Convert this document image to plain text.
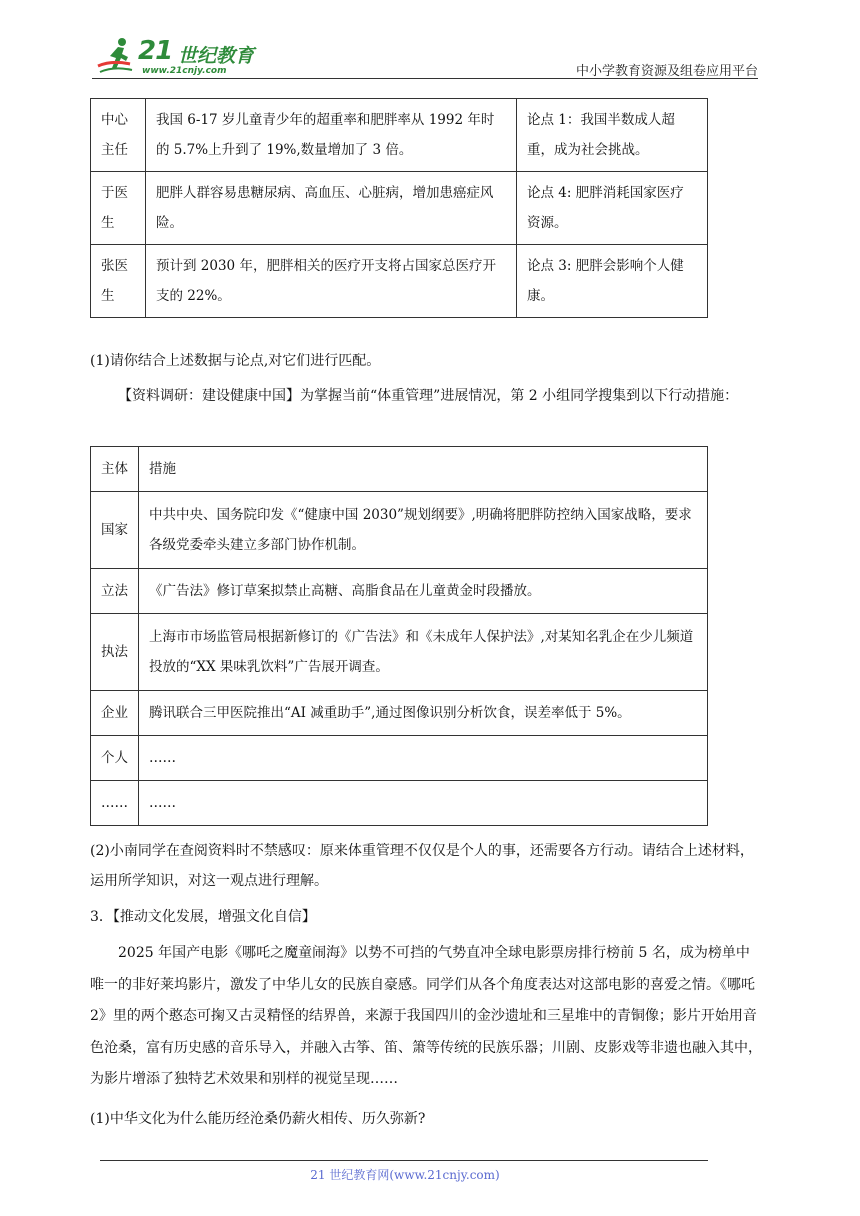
21 世纪教育
www.21cnjy.com	中小学教育资源及组卷应用平台
中心主任	我国 6-17 岁儿童青少年的超重率和肥胖率从 1992 年时的 5.7%上升到了 19%,数量增加了 3 倍。	论点 1：我国半数成人超重，成为社会挑战。
于医生	肥胖人群容易患糖尿病、高血压、心脏病，增加患癌症风险。	论点 4: 肥胖消耗国家医疗资源。
张医生	预计到 2030 年，肥胖相关的医疗开支将占国家总医疗开支的 22%。	论点 3: 肥胖会影响个人健康。
(1)请你结合上述数据与论点,对它们进行匹配。
【资料调研：建设健康中国】为掌握当前“体重管理”进展情况，第 2 小组同学搜集到以下行动措施：
主体	措施
国家	中共中央、国务院印发《“健康中国 2030”规划纲要》,明确将肥胖防控纳入国家战略，要求各级党委牵头建立多部门协作机制。
立法	《广告法》修订草案拟禁止高糖、高脂食品在儿童黄金时段播放。
执法	上海市市场监管局根据新修订的《广告法》和《未成年人保护法》,对某知名乳企在少儿频道投放的“XX 果味乳饮料”广告展开调查。
企业	腾讯联合三甲医院推出“AI 减重助手”,通过图像识别分析饮食，误差率低于 5%。
个人	……
……	……
(2)小南同学在查阅资料时不禁感叹：原来体重管理不仅仅是个人的事，还需要各方行动。请结合上述材料，运用所学知识，对这一观点进行理解。
3．【推动文化发展，增强文化自信】
2025 年国产电影《哪吒之魔童闹海》以势不可挡的气势直冲全球电影票房排行榜前 5 名，成为榜单中唯一的非好莱坞影片，激发了中华儿女的民族自豪感。同学们从各个角度表达对这部电影的喜爱之情。《哪吒 2》里的两个憨态可掬又古灵精怪的结界兽，来源于我国四川的金沙遗址和三星堆中的青铜像；影片开始用音色沧桑，富有历史感的音乐导入，并融入古筝、笛、箫等传统的民族乐器；川剧、皮影戏等非遗也融入其中，为影片增添了独特艺术效果和别样的视觉呈现……
(1)中华文化为什么能历经沧桑仍薪火相传、历久弥新?
21 世纪教育网(www.21cnjy.com)
